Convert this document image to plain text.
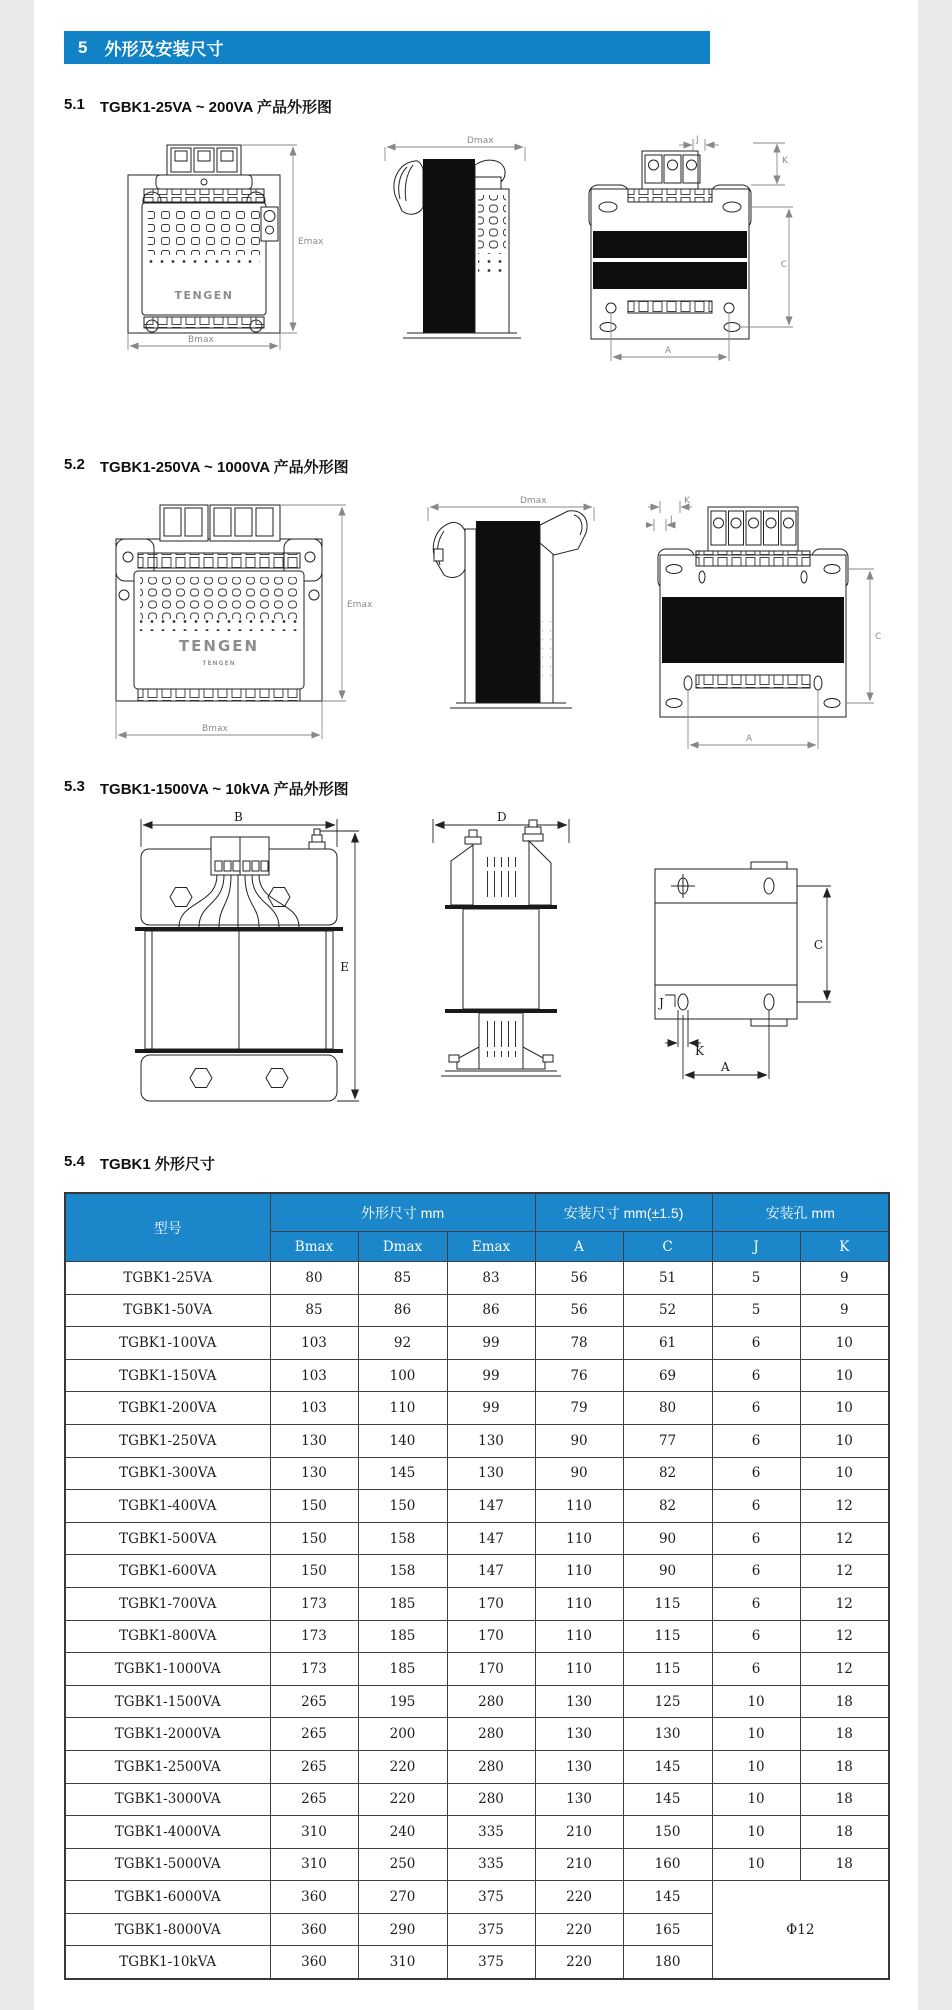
5 外形及安装尺寸
5.1 TGBK1-25VA ~ 200VA 产品外形图
TENGEN
Emax
Bmax
Dmax	J
K
C
A
5.2 TGBK1-250VA ~ 1000VA 产品外形图
TENGEN
TENGEN
Emax
Bmax
Dmax	K
J
C
A
5.3 TGBK1-1500VA ~ 10kVA 产品外形图
B
E
D
J
K
A
C
5.4 TGBK1 外形尺寸
型号	外形尺寸 mm			安装尺寸 mm(±1.5)		安装孔 mm	
	Bmax	Dmax	Emax	A	C	J	K
TGBK1-25VA	80	85	83	56	51	5	9
TGBK1-50VA	85	86	86	56	52	5	9
TGBK1-100VA	103	92	99	78	61	6	10
TGBK1-150VA	103	100	99	76	69	6	10
TGBK1-200VA	103	110	99	79	80	6	10
TGBK1-250VA	130	140	130	90	77	6	10
TGBK1-300VA	130	145	130	90	82	6	10
TGBK1-400VA	150	150	147	110	82	6	12
TGBK1-500VA	150	158	147	110	90	6	12
TGBK1-600VA	150	158	147	110	90	6	12
TGBK1-700VA	173	185	170	110	115	6	12
TGBK1-800VA	173	185	170	110	115	6	12
TGBK1-1000VA	173	185	170	110	115	6	12
TGBK1-1500VA	265	195	280	130	125	10	18
TGBK1-2000VA	265	200	280	130	130	10	18
TGBK1-2500VA	265	220	280	130	145	10	18
TGBK1-3000VA	265	220	280	130	145	10	18
TGBK1-4000VA	310	240	335	210	150	10	18
TGBK1-5000VA	310	250	335	210	160	10	18
TGBK1-6000VA	360	270	375	220	145	Φ12	
TGBK1-8000VA	360	290	375	220	165		
TGBK1-10kVA	360	310	375	220	180		
